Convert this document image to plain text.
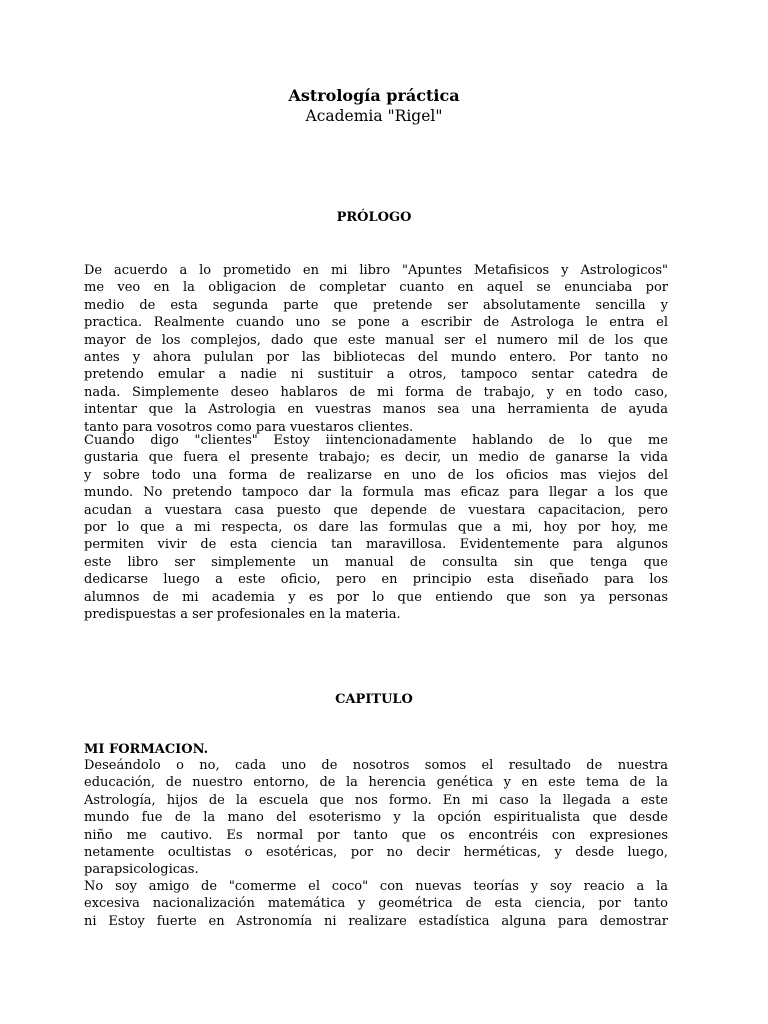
Astrología práctica
Academia "Rigel"
PRÓLOGO
De acuerdo a lo prometido en mi libro "Apuntes Metafisicos y Astrologicos"
me veo en la obligacion de completar cuanto en aquel se enunciaba por
medio de esta segunda parte que pretende ser absolutamente sencilla y
practica. Realmente cuando uno se pone a escribir de Astrologa le entra el
mayor de los complejos, dado que este manual ser el numero mil de los que
antes y ahora pululan por las bibliotecas del mundo entero. Por tanto no
pretendo emular a nadie ni sustituir a otros, tampoco sentar catedra de
nada. Simplemente deseo hablaros de mi forma de trabajo, y en todo caso,
intentar que la Astrologia en vuestras manos sea una herramienta de ayuda
tanto para vosotros como para vuestaros clientes.
Cuando digo "clientes" Estoy iintencionadamente hablando de lo que me
gustaria que fuera el presente trabajo; es decir, un medio de ganarse la vida
y sobre todo una forma de realizarse en uno de los oficios mas viejos del
mundo. No pretendo tampoco dar la formula mas eficaz para llegar a los que
acudan a vuestara casa puesto que depende de vuestara capacitacion, pero
por lo que a mi respecta, os dare las formulas que a mi, hoy por hoy, me
permiten vivir de esta ciencia tan maravillosa. Evidentemente para algunos
este libro ser simplemente un manual de consulta sin que tenga que
dedicarse luego a este oficio, pero en principio esta diseñado para los
alumnos de mi academia y es por lo que entiendo que son ya personas
predispuestas a ser profesionales en la materia.
CAPITULO
MI FORMACION.
Deseándolo o no, cada uno de nosotros somos el resultado de nuestra
educación, de nuestro entorno, de la herencia genética y en este tema de la
Astrología, hijos de la escuela que nos formo. En mi caso la llegada a este
mundo fue de la mano del esoterismo y la opción espiritualista que desde
niño me cautivo. Es normal por tanto que os encontréis con expresiones
netamente ocultistas o esotéricas, por no decir herméticas, y desde luego,
parapsicologicas.
No soy amigo de "comerme el coco" con nuevas teorías y soy reacio a la
excesiva nacionalización matemática y geométrica de esta ciencia, por tanto
ni Estoy fuerte en Astronomía ni realizare estadística alguna para demostrar
